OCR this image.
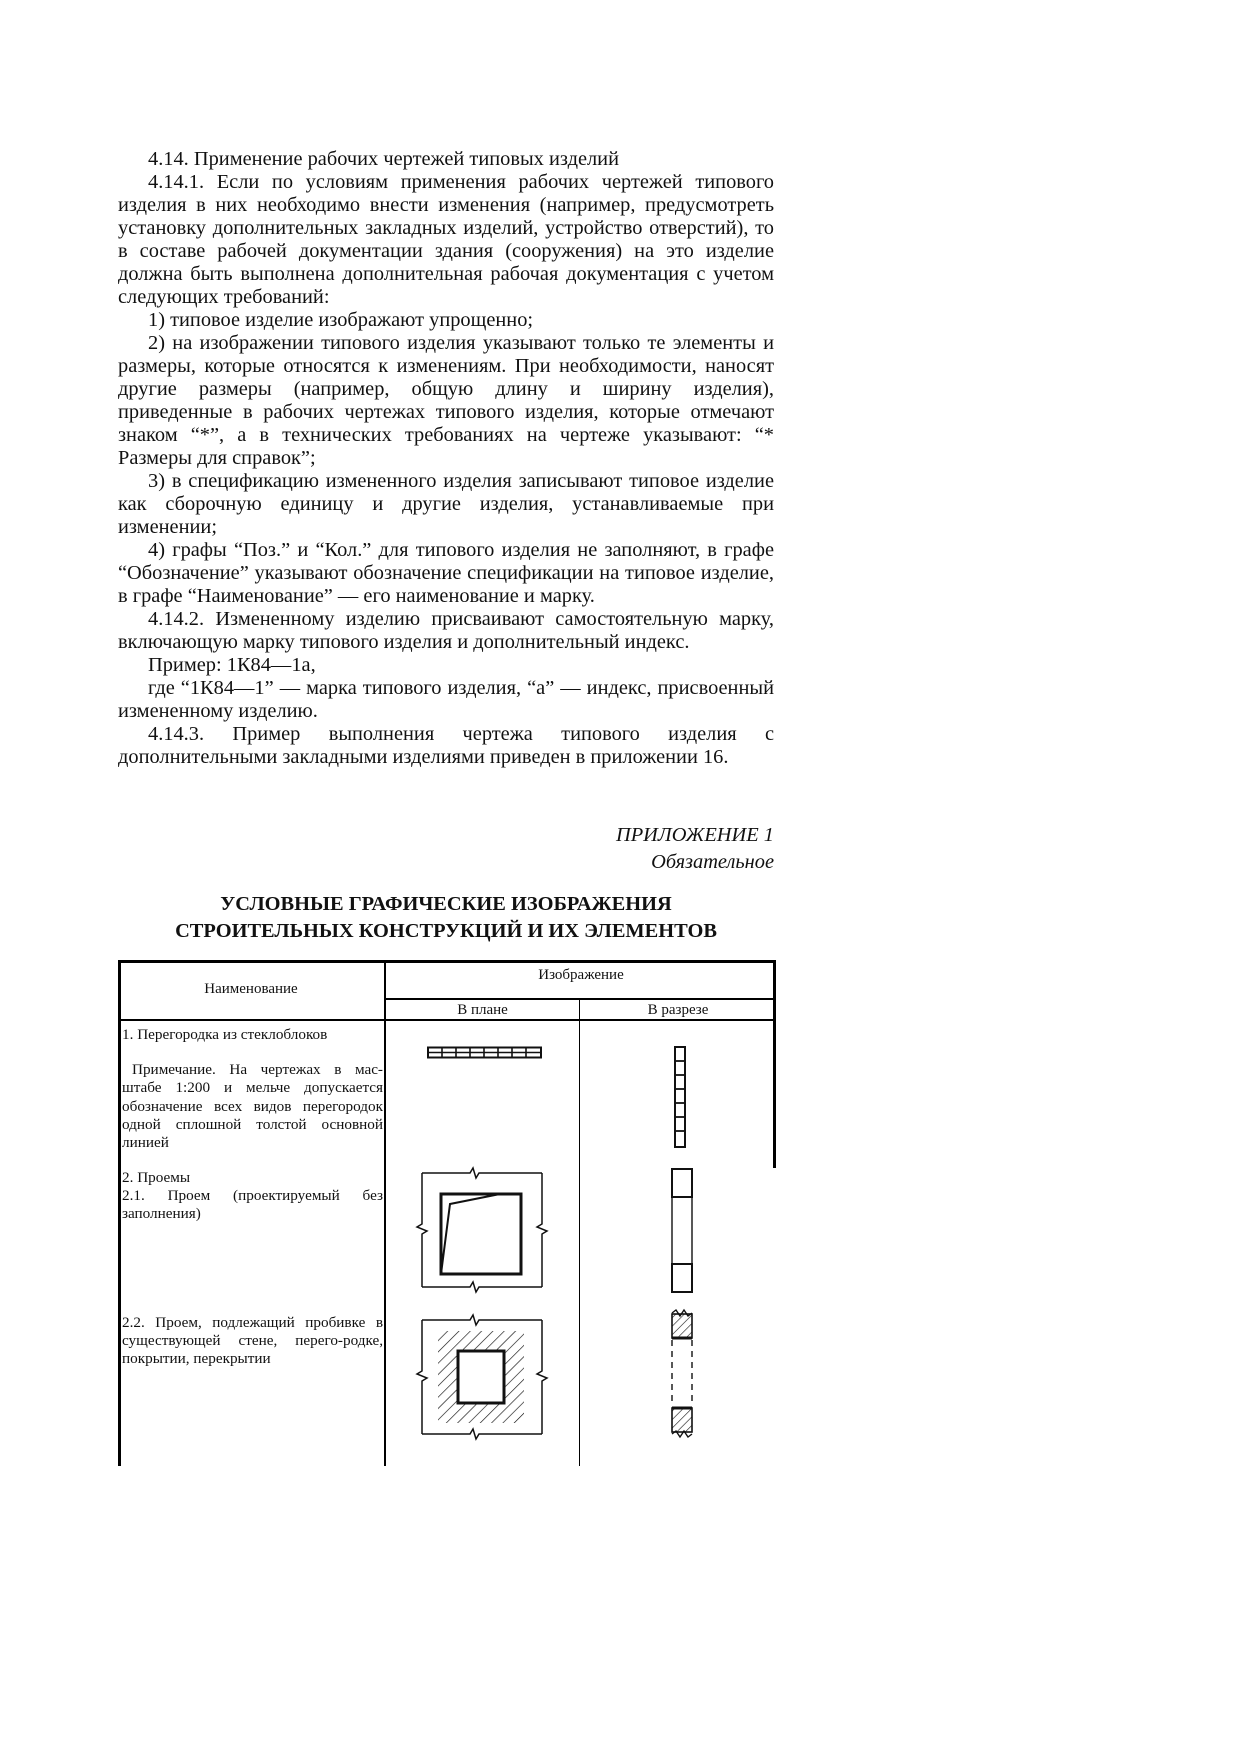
4.14. Применение рабочих чертежей типовых изделий

4.14.1. Если по условиям применения рабочих чертежей типового изделия в них необходимо внести изменения (например, предусмотреть установку дополнительных закладных изделий, устройство отверстий), то в составе рабочей документации здания (сооружения) на это изделие должна быть выполнена дополнительная рабочая документация с учетом следующих требований:

1) типовое изделие изображают упрощенно;

2) на изображении типового изделия указывают только те элементы и размеры, которые относятся к изменениям. При необходимости, наносят другие размеры (например, общую длину и ширину изделия), приведенные в рабочих чертежах типового изделия, которые отмечают знаком “*”, а в технических требованиях на чертеже указывают: “* Размеры для справок”;

3) в спецификацию измененного изделия записывают типовое изделие как сборочную единицу и другие изделия, устанавливаемые при изменении;

4) графы “Поз.” и “Кол.” для типового изделия не заполняют, в графе “Обозначение” указывают обозначение спецификации на типовое изделие, в графе “Наименование” — его наименование и марку.

4.14.2. Измененному изделию присваивают самостоятельную марку, включающую марку типового изделия и дополнительный индекс.

Пример: 1К84—1а,

где “1К84—1” — марка типового изделия, “а” — индекс, присвоенный измененному изделию.

4.14.3. Пример выполнения чертежа типового изделия с дополнительными закладными изделиями приведен в приложении 16.

ПРИЛОЖЕНИЕ 1
Обязательное
УСЛОВНЫЕ ГРАФИЧЕСКИЕ ИЗОБРАЖЕНИЯ
СТРОИТЕЛЬНЫХ КОНСТРУКЦИЙ И ИХ ЭЛЕМЕНТОВ
Наименование
Изображение
В плане	В разрезе

1. Перегородка из стеклоблоков

Примечание. На чертежах в мас-штабе 1:200 и мельче допускается обозначение всех видов перегородок одной сплошной толстой основной линией

2. Проемы

2.1. Проем (проектируемый без заполнения)

2.2. Проем, подлежащий пробивке в существующей стене, перего-родке, покрытии, перекрытии
